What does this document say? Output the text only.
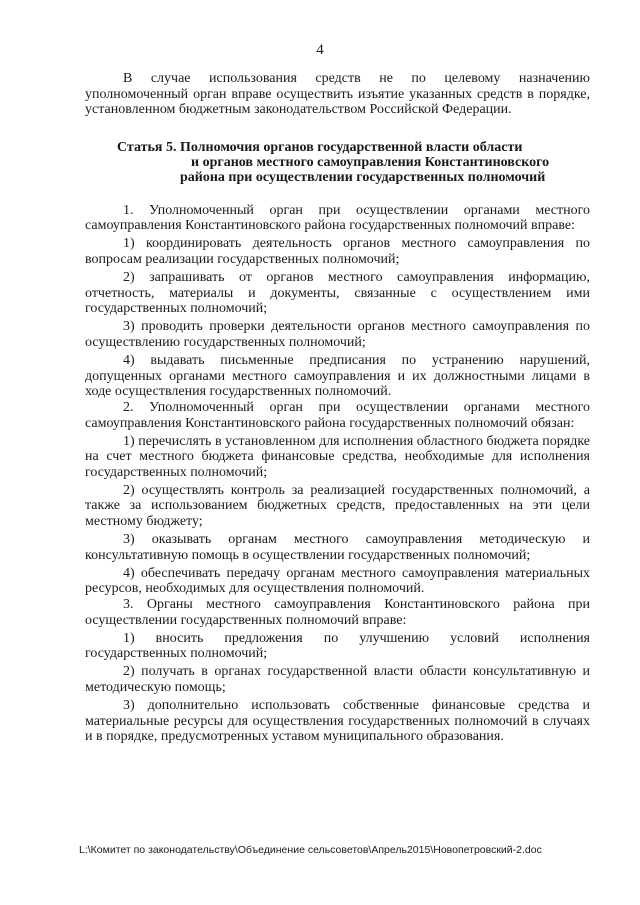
4

В случае использования средств не по целевому назначению уполномоченный орган вправе осуществить изъятие указанных средств в порядке, установленном бюджетным законодательством Российской Федерации.

Статья 5. Полномочия органов государственной власти области
и органов местного самоуправления Константиновского
района при осуществлении государственных полномочий

1. Уполномоченный орган при осуществлении органами местного самоуправления Константиновского района государственных полномочий вправе:

1) координировать деятельность органов местного самоуправления по вопросам реализации государственных полномочий;

2) запрашивать от органов местного самоуправления информацию, отчетность, материалы и документы, связанные с осуществлением ими государственных полномочий;

3) проводить проверки деятельности органов местного самоуправления по осуществлению государственных полномочий;

4) выдавать письменные предписания по устранению нарушений, допущенных органами местного самоуправления и их должностными лицами в ходе осуществления государственных полномочий.

2. Уполномоченный орган при осуществлении органами местного самоуправления Константиновского района государственных полномочий обязан:

1) перечислять в установленном для исполнения областного бюджета порядке на счет местного бюджета финансовые средства, необходимые для исполнения государственных полномочий;

2) осуществлять контроль за реализацией государственных полномочий, а также за использованием бюджетных средств, предоставленных на эти цели местному бюджету;

3) оказывать органам местного самоуправления методическую и консультативную помощь в осуществлении государственных полномочий;

4) обеспечивать передачу органам местного самоуправления материальных ресурсов, необходимых для осуществления полномочий.

3. Органы местного самоуправления Константиновского района при осуществлении государственных полномочий вправе:

1) вносить предложения по улучшению условий исполнения государственных полномочий;

2) получать в органах государственной власти области консультативную и методическую помощь;

3) дополнительно использовать собственные финансовые средства и материальные ресурсы для осуществления государственных полномочий в случаях и в порядке, предусмотренных уставом муниципального образования.

L:\Комитет по законодательству\Объединение сельсоветов\Апрель2015\Новопетровский-2.doc
